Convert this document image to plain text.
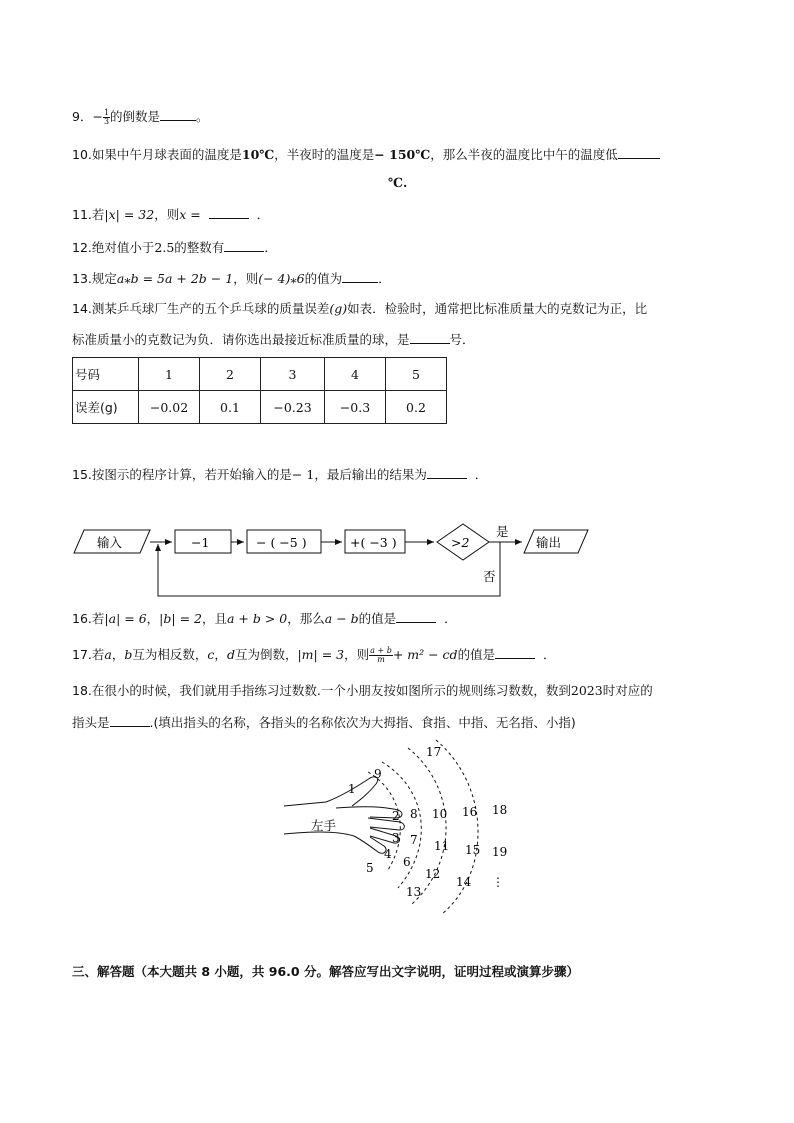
9．− $\frac{1}{3}$ 的倒数是	。
10.如果中午月球表面的温度是10℃，半夜时的温度是− 150℃，那么半夜的温度比中午的温度低
℃.
11.若|x| = 32，则x =	．
12.绝对值小于2.5的整数有	．
13.规定a⁎b = 5a + 2b − 1，则(− 4)⁎6的值为	．
14.测某乒乓球厂生产的五个乒乓球的质量误差(g)如表．检验时，通常把比标准质量大的克数记为正，比
标准质量小的克数记为负．请你选出最接近标准质量的球，是	号．
号码	1	2	3	4	5
误差(g)	−0.02	0.1	−0.23	−0.3	0.2
15.按图示的程序计算，若开始输入的是− 1，最后输出的结果为	．
输入	−1	− ( −5 )	+( −3 )	>2
是
否
输出
16.若|a| = 6，|b| = 2，且a + b > 0，那么a − b的值是	．
17.若a，b互为相反数，c，d互为倒数，|m| = 3，则 $\frac{a + b}{m} + m^2$ − cd的值是	．
18.在很小的时候，我们就用手指练习过数数.一个小朋友按如图所示的规则练习数数，数到2023时对应的
指头是	.(填出指头的名称，各指头的名称依次为大拇指、食指、中指、无名指、小指)
左手
1
2
3
4
5 6
7
8
9
10
11
12
13
14
15
16
17
18
19
⋮
三、解答题（本大题共 8 小题，共 96.0 分。解答应写出文字说明，证明过程或演算步骤）
